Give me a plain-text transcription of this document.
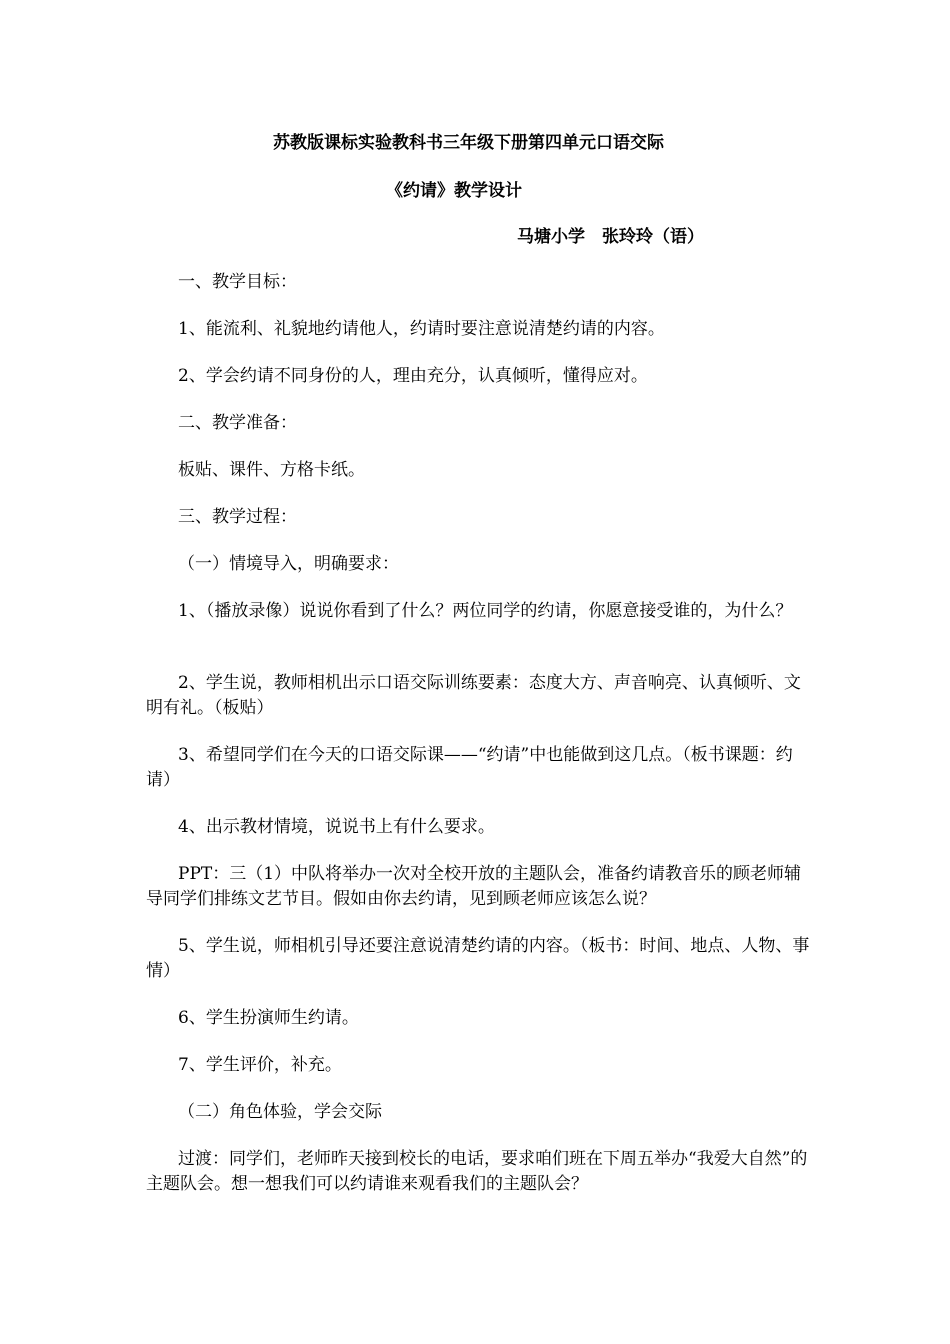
苏教版课标实验教科书三年级下册第四单元口语交际
《约请》教学设计
马塘小学　张玲玲（语）
一、教学目标：
1、能流利、礼貌地约请他人，约请时要注意说清楚约请的内容。
2、学会约请不同身份的人，理由充分，认真倾听，懂得应对。
二、教学准备：
板贴、课件、方格卡纸。
三、教学过程：
（一）情境导入，明确要求：
1、（播放录像）说说你看到了什么？两位同学的约请，你愿意接受谁的，为什么？
2、学生说，教师相机出示口语交际训练要素：态度大方、声音响亮、认真倾听、文明有礼。（板贴）
3、希望同学们在今天的口语交际课——“约请”中也能做到这几点。（板书课题：约请）
4、出示教材情境，说说书上有什么要求。
PPT：三（1）中队将举办一次对全校开放的主题队会，准备约请教音乐的顾老师辅导同学们排练文艺节目。假如由你去约请，见到顾老师应该怎么说？
5、学生说，师相机引导还要注意说清楚约请的内容。（板书：时间、地点、人物、事情）
6、学生扮演师生约请。
7、学生评价，补充。
（二）角色体验，学会交际
过渡：同学们，老师昨天接到校长的电话，要求咱们班在下周五举办“我爱大自然”的主题队会。想一想我们可以约请谁来观看我们的主题队会？
